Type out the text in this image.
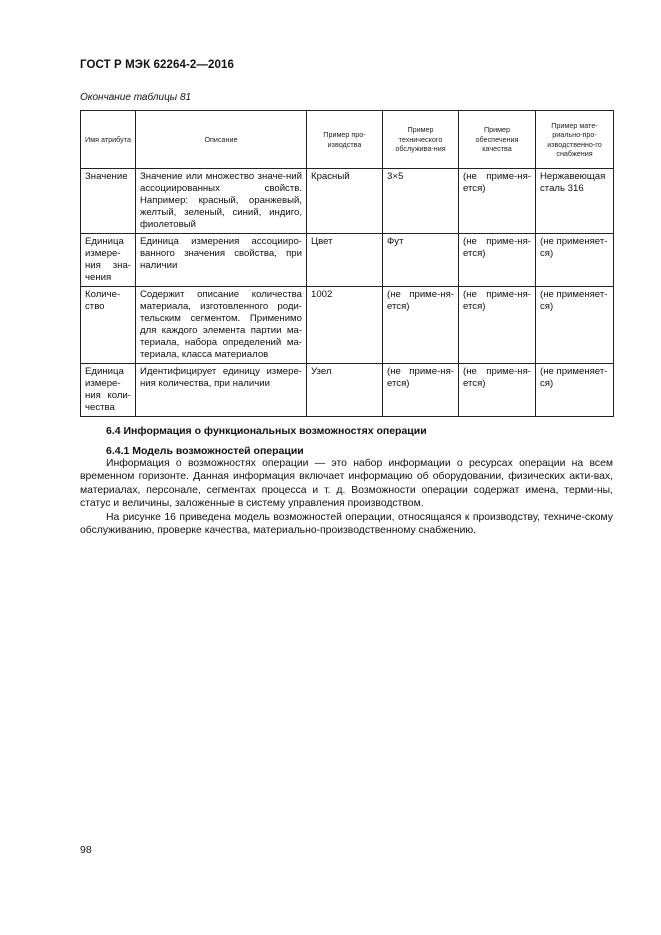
ГОСТ Р МЭК 62264-2—2016
Окончание таблицы 81
Имя атрибута	Описание	Пример про-изводства	Пример технического обслужива-ния	Пример обеспечения качества	Пример мате-риально-про-изводственно-го снабжения
Значение	Значение или множество значе-ний ассоциированных свойств. Например: красный, оранжевый, желтый, зеленый, синий, индиго, фиолетовый	Красный	3×5	(не приме-ня-ется)	Нержавеющая сталь 316
Единица измере-ния зна-чения	Единица измерения ассоцииро-ванного значения свойства, при наличии	Цвет	Фут	(не приме-ня-ется)	(не применяет-ся)
Количе-ство	Содержит описание количества материала, изготовленного роди-тельским сегментом. Применимо для каждого элемента партии ма-териала, набора определений ма-териала, класса материалов	1002	(не приме-ня-ется)	(не приме-ня-ется)	(не применяет-ся)
Единица измере-ния коли-чества	Идентифицирует единицу измере-ния количества, при наличии	Узел	(не приме-ня-ется)	(не приме-ня-ется)	(не применяет-ся)
6.4 Информация о функциональных возможностях операции
6.4.1 Модель возможностей операции
Информация о возможностях операции — это набор информации о ресурсах операции на всем временном горизонте. Данная информация включает информацию об оборудовании, физических акти-вах, материалах, персонале, сегментах процесса и т. д. Возможности операции содержат имена, терми-ны, статус и величины, заложенные в систему управления производством.
На рисунке 16 приведена модель возможностей операции, относящаяся к производству, техниче-скому обслуживанию, проверке качества, материально-производственному снабжению.
98
